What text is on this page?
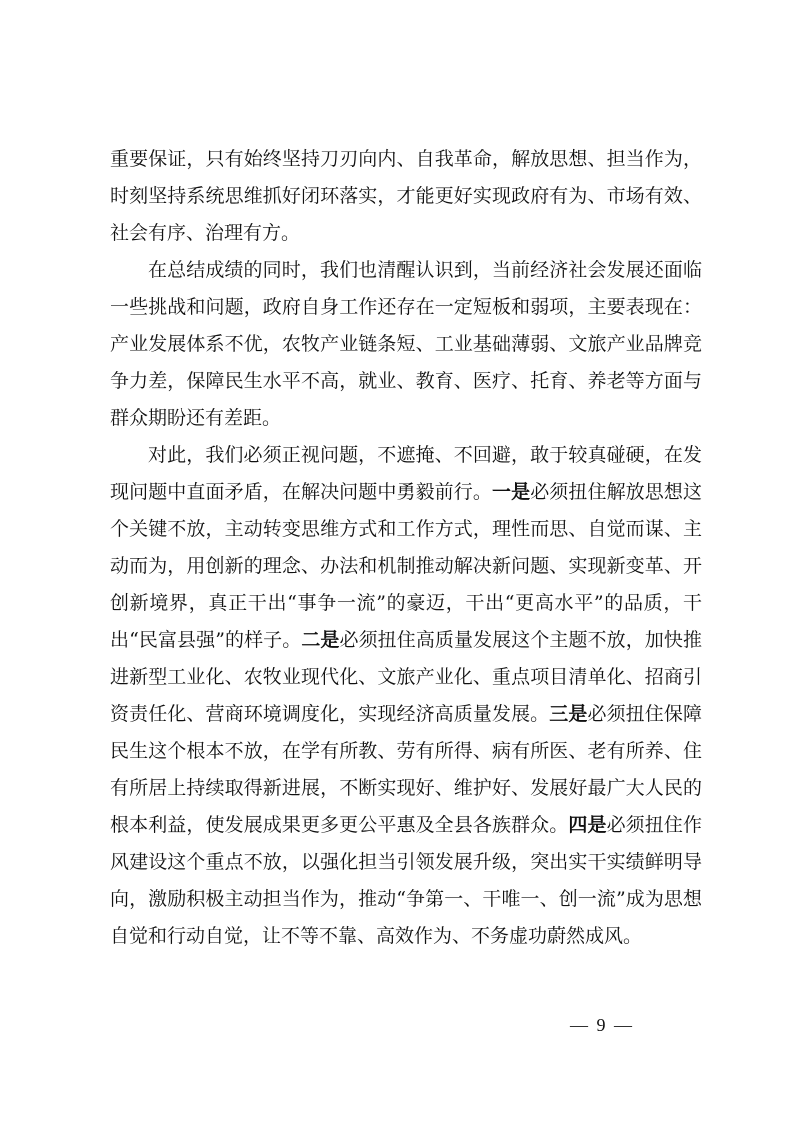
重要保证，只有始终坚持刀刃向内、自我革命，解放思想、担当作为，时刻坚持系统思维抓好闭环落实，才能更好实现政府有为、市场有效、社会有序、治理有方。

在总结成绩的同时，我们也清醒认识到，当前经济社会发展还面临一些挑战和问题，政府自身工作还存在一定短板和弱项，主要表现在：产业发展体系不优，农牧产业链条短、工业基础薄弱、文旅产业品牌竞争力差，保障民生水平不高，就业、教育、医疗、托育、养老等方面与群众期盼还有差距。

对此，我们必须正视问题，不遮掩、不回避，敢于较真碰硬，在发现问题中直面矛盾，在解决问题中勇毅前行。一是必须扭住解放思想这个关键不放，主动转变思维方式和工作方式，理性而思、自觉而谋、主动而为，用创新的理念、办法和机制推动解决新问题、实现新变革、开创新境界，真正干出“事争一流”的豪迈，干出“更高水平”的品质，干出“民富县强”的样子。二是必须扭住高质量发展这个主题不放，加快推进新型工业化、农牧业现代化、文旅产业化、重点项目清单化、招商引资责任化、营商环境调度化，实现经济高质量发展。三是必须扭住保障民生这个根本不放，在学有所教、劳有所得、病有所医、老有所养、住有所居上持续取得新进展，不断实现好、维护好、发展好最广大人民的根本利益，使发展成果更多更公平惠及全县各族群众。四是必须扭住作风建设这个重点不放，以强化担当引领发展升级，突出实干实绩鲜明导向，激励积极主动担当作为，推动“争第一、干唯一、创一流”成为思想自觉和行动自觉，让不等不靠、高效作为、不务虚功蔚然成风。

— 9 —
